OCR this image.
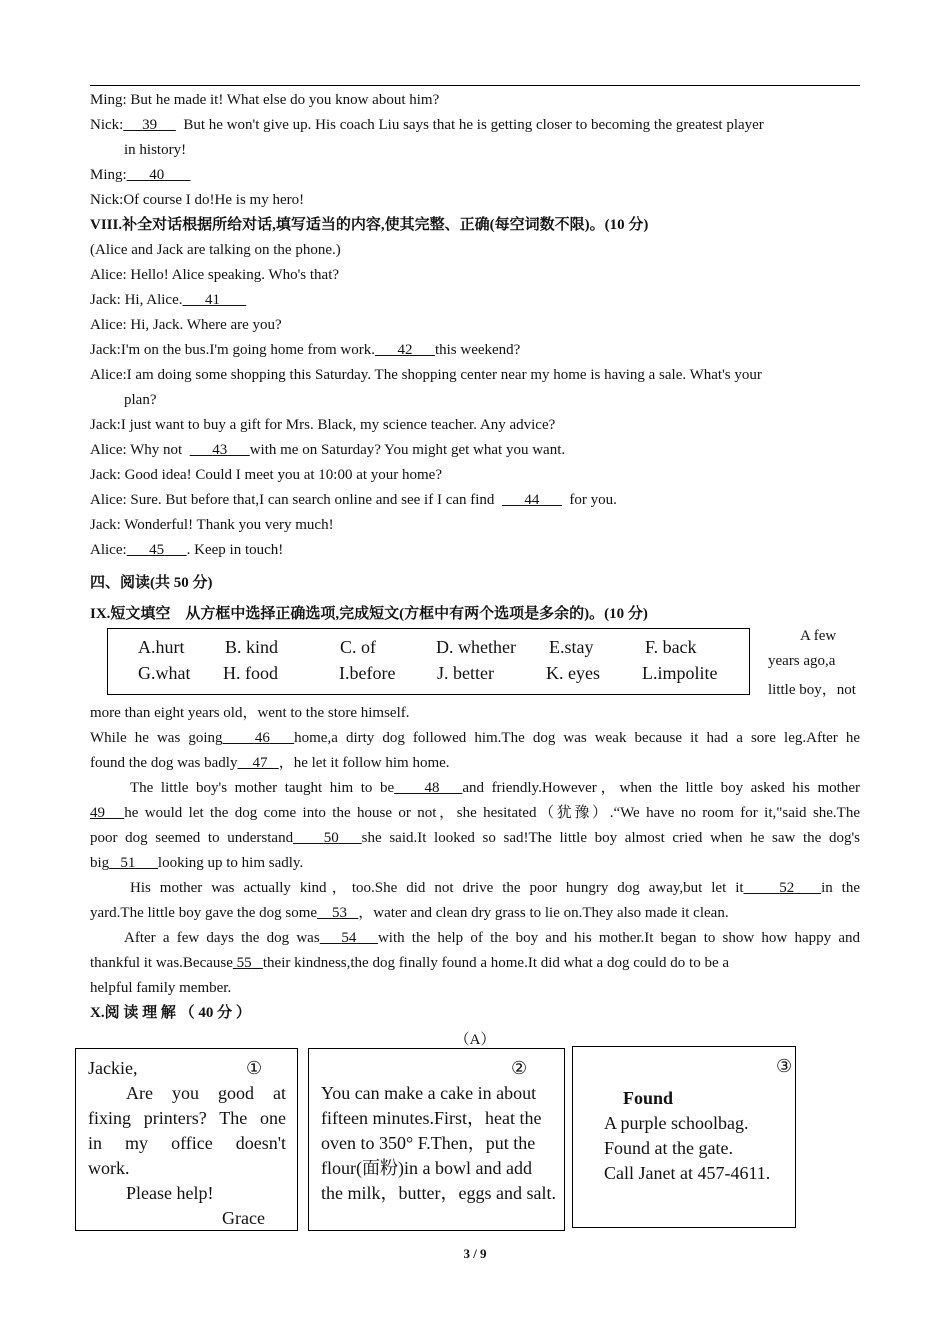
Ming: But he made it! What else do you know about him?
Nick: 39 But he won't give up. His coach Liu says that he is getting closer to becoming the greatest player
in history!
Ming: 40
Nick:Of course I do!He is my hero!
VIII.补全对话根据所给对话,填写适当的内容,使其完整、正确(每空词数不限)。(10 分)
(Alice and Jack are talking on the phone.)
Alice: Hello! Alice speaking. Who's that?
Jack: Hi, Alice. 41
Alice: Hi, Jack. Where are you?
Jack:I'm on the bus.I'm going home from work. 42 this weekend?
Alice:I am doing some shopping this Saturday. The shopping center near my home is having a sale. What's your
plan?
Jack:I just want to buy a gift for Mrs. Black, my science teacher. Any advice?
Alice: Why not 43 with me on Saturday? You might get what you want.
Jack: Good idea! Could I meet you at 10:00 at your home?
Alice: Sure. But before that,I can search online and see if I can find 44 for you.
Jack: Wonderful! Thank you very much!
Alice: 45 . Keep in touch!
四、阅读(共 50 分)
IX.短文填空　从方框中选择正确选项,完成短文(方框中有两个选项是多余的)。(10 分)
A.hurt B. kind	C. of	D. whether E.stay	F. back
G.what H. food	I.before J. better	K. eyes L.impolite
A few
years ago,a
little boy，not
more than eight years old，went to the store himself.
While he was going 46 home,a dirty dog followed him.The dog was weak because it had a sore leg.After he
found the dog was badly 47 ，he let it follow him home.
The little boy's mother taught him to be 48 and friendly.However，when the little boy asked his mother
49 he would let the dog come into the house or not，she hesitated（犹豫）.“We have no room for it,"said she.The
poor dog seemed to understand 50 she said.It looked so sad!The little boy almost cried when he saw the dog's
big 51 looking up to him sadly.
His mother was actually kind，too.She did not drive the poor hungry dog away,but let it 52 in the
yard.The little boy gave the dog some 53 ，water and clean dry grass to lie on.They also made it clean.
After a few days the dog was 54 with the help of the boy and his mother.It began to show how happy and
thankful it was.Because 55 their kindness,the dog finally found a home.It did what a dog could do to be a
helpful family member.
X.阅 读 理 解 （ 40 分 ）
（A）
Jackie,	①
Are you good at
fixing printers? The one
in my office doesn't
work.
Please help!
Grace
②
You can make a cake in about
fifteen minutes.First，heat the
oven to 350° F.Then，put the
flour(面粉)in a bowl and add
the milk，butter，eggs and salt.
③
Found
A purple schoolbag.
Found at the gate.
Call Janet at 457-4611.
3 / 9
